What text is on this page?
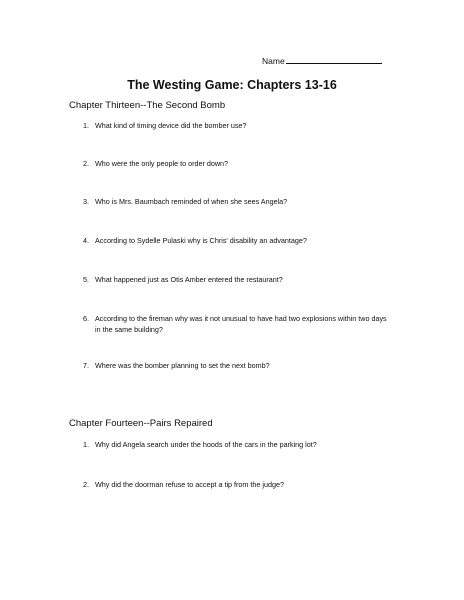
Name
The Westing Game: Chapters 13-16
Chapter Thirteen--The Second Bomb
1. What kind of timing device did the bomber use?
2. Who were the only people to order down?
3. Who is Mrs. Baumbach reminded of when she sees Angela?
4. According to Sydelle Pulaski why is Chris' disability an advantage?
5. What happened just as Otis Amber entered the restaurant?
6. According to the fireman why was it not unusual to have had two explosions within two days in the same building?
7. Where was the bomber planning to set the next bomb?
Chapter Fourteen--Pairs Repaired
1. Why did Angela search under the hoods of the cars in the parking lot?
2. Why did the doorman refuse to accept a tip from the judge?
